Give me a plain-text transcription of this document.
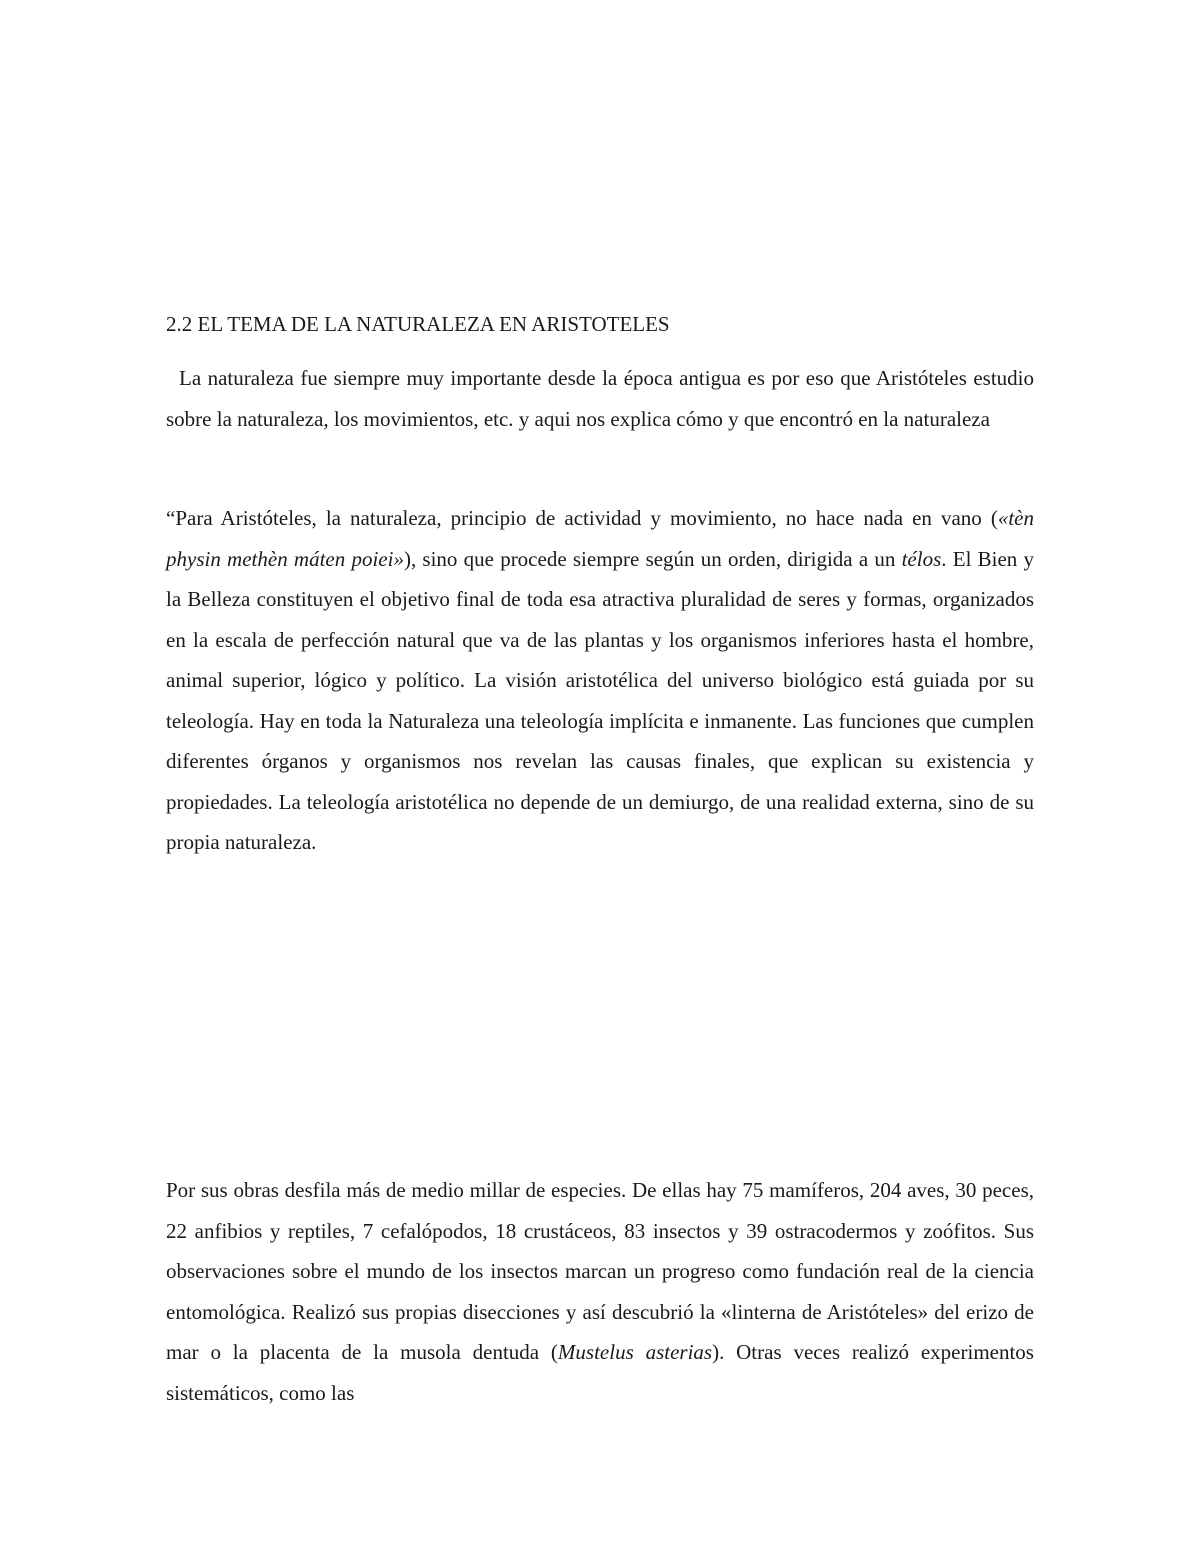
2.2 EL TEMA DE LA NATURALEZA EN ARISTOTELES

La naturaleza fue siempre muy importante desde la época antigua es por eso que Aristóteles estudio sobre la naturaleza, los movimientos, etc. y aqui nos explica cómo y que encontró en la naturaleza

“Para Aristóteles, la naturaleza, principio de actividad y movimiento, no hace nada en vano («tèn physin methèn máten poiei»), sino que procede siempre según un orden, dirigida a un télos. El Bien y la Belleza constituyen el objetivo final de toda esa atractiva pluralidad de seres y formas, organizados en la escala de perfección natural que va de las plantas y los organismos inferiores hasta el hombre, animal superior, lógico y político. La visión aristotélica del universo biológico está guiada por su teleología. Hay en toda la Naturaleza una teleología implícita e inmanente. Las funciones que cumplen diferentes órganos y organismos nos revelan las causas finales, que explican su existencia y propiedades. La teleología aristotélica no depende de un demiurgo, de una realidad externa, sino de su propia naturaleza.

Por sus obras desfila más de medio millar de especies. De ellas hay 75 mamíferos, 204 aves, 30 peces, 22 anfibios y reptiles, 7 cefalópodos, 18 crustáceos, 83 insectos y 39 ostracodermos y zoófitos. Sus observaciones sobre el mundo de los insectos marcan un progreso como fundación real de la ciencia entomológica. Realizó sus propias disecciones y así descubrió la «linterna de Aristóteles» del erizo de mar o la placenta de la musola dentuda (Mustelus asterias). Otras veces realizó experimentos sistemáticos, como las
